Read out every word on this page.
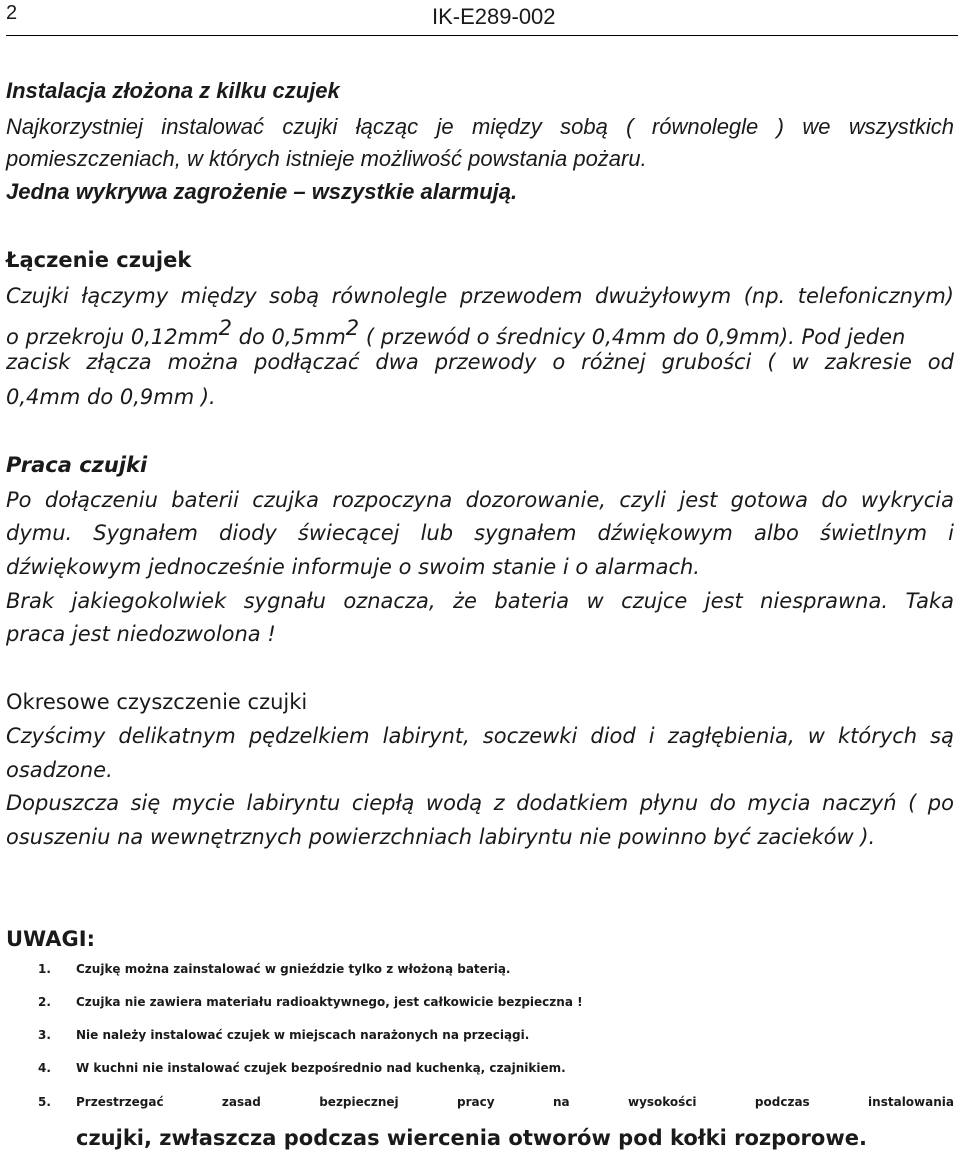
2	IK-E289-002
Instalacja złożona z kilku czujek
Najkorzystniej instalować czujki łącząc je między sobą ( równolegle ) we wszystkich
pomieszczeniach, w których istnieje możliwość powstania pożaru.
Jedna wykrywa zagrożenie – wszystkie alarmują.
Łączenie czujek
Czujki łączymy między sobą równolegle przewodem dwużyłowym (np. telefonicznym)
o przekroju $0,12mm^2$ do $0,5mm^2$ ( przewód o średnicy 0,4mm do 0,9mm). Pod jeden
zacisk złącza można podłączać dwa przewody o różnej grubości ( w zakresie od
0,4mm do 0,9mm ).
Praca czujki
Po dołączeniu baterii czujka rozpoczyna dozorowanie, czyli jest gotowa do wykrycia
dymu. Sygnałem diody świecącej lub sygnałem dźwiękowym albo świetlnym i
dźwiękowym jednocześnie informuje o swoim stanie i o alarmach.
Brak jakiegokolwiek sygnału oznacza, że bateria w czujce jest niesprawna. Taka
praca jest niedozwolona !
Okresowe czyszczenie czujki
Czyścimy delikatnym pędzelkiem labirynt, soczewki diod i zagłębienia, w których są
osadzone.
Dopuszcza się mycie labiryntu ciepłą wodą z dodatkiem płynu do mycia naczyń ( po
osuszeniu na wewnętrznych powierzchniach labiryntu nie powinno być zacieków ).
UWAGI:
1. Czujkę można zainstalować w gnieździe tylko z włożoną baterią.
2. Czujka nie zawiera materiału radioaktywnego, jest całkowicie bezpieczna !
3. Nie należy instalować czujek w miejscach narażonych na przeciągi.
4. W kuchni nie instalować czujek bezpośrednio nad kuchenką, czajnikiem.
5. Przestrzegać zasad bezpiecznej pracy na wysokości podczas instalowania
czujki, zwłaszcza podczas wiercenia otworów pod kołki rozporowe.
